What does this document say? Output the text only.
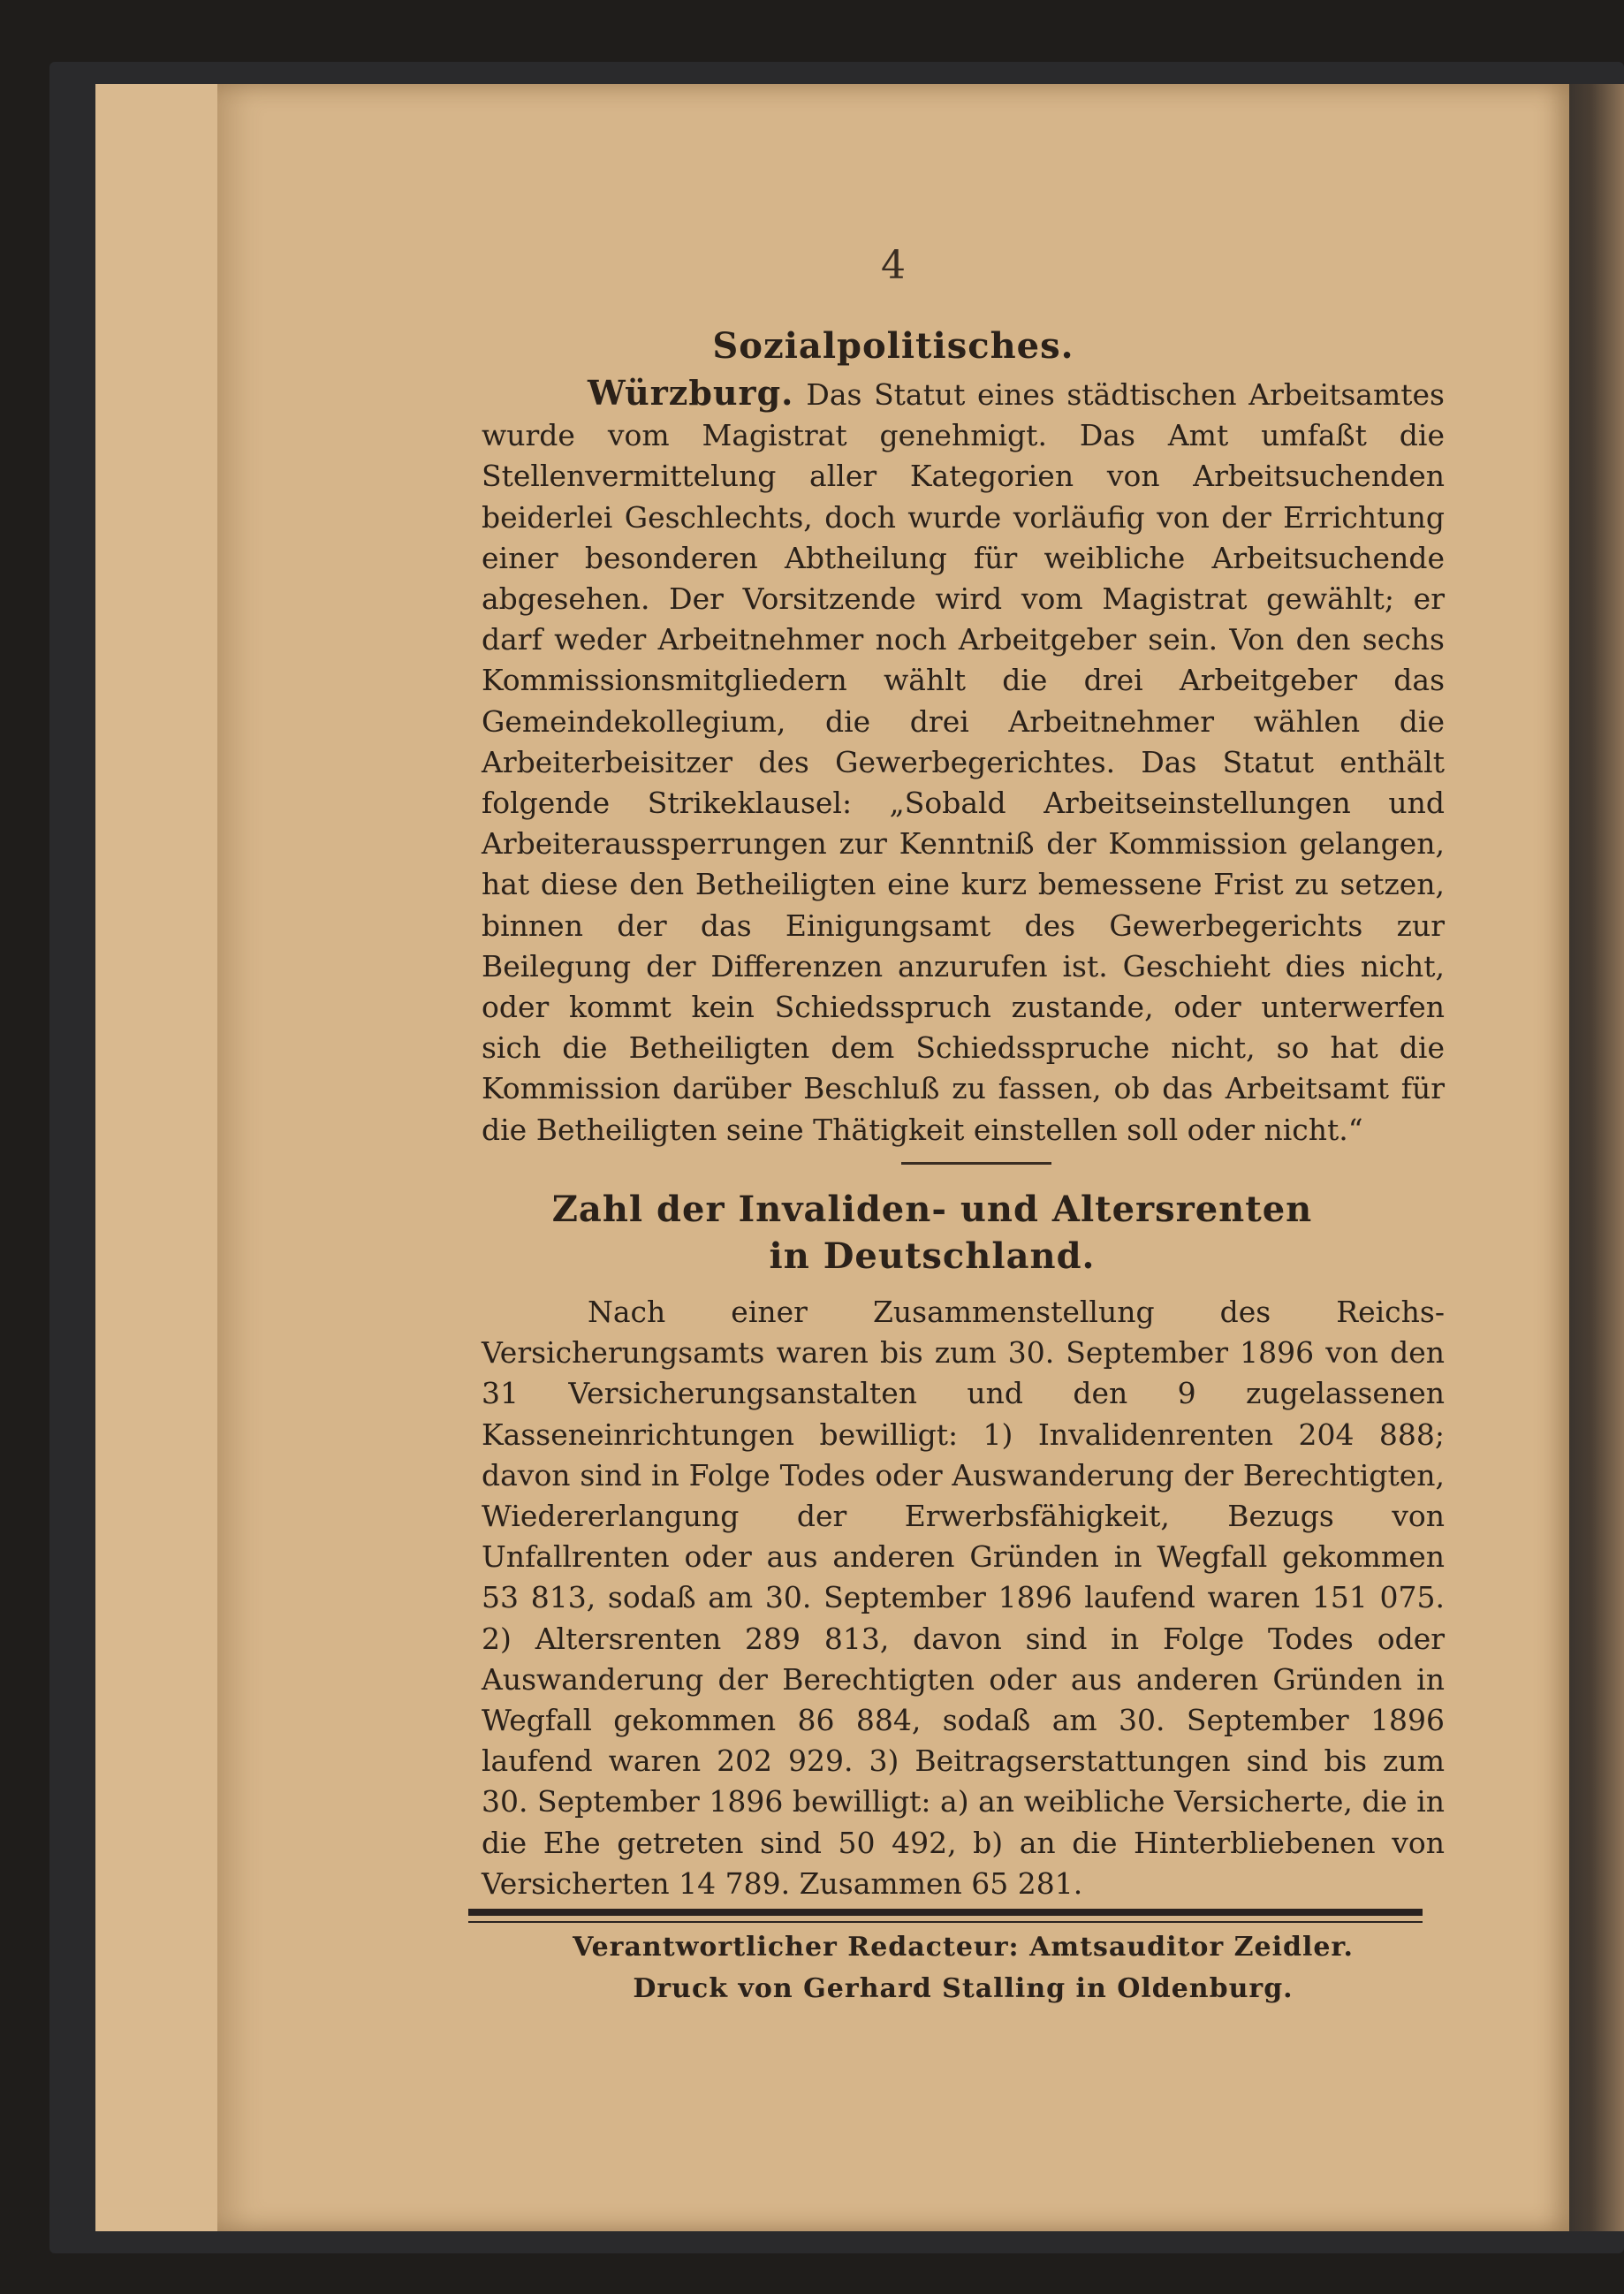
4
Sozialpolitisches.

Würzburg. Das Statut eines städtischen Arbeitsamtes wurde vom Magistrat genehmigt. Das Amt umfaßt die Stellenvermittelung aller Kategorien von Arbeitsuchenden beiderlei Geschlechts, doch wurde vorläufig von der Errichtung einer besonderen Abtheilung für weibliche Arbeitsuchende abgesehen. Der Vorsitzende wird vom Magistrat gewählt; er darf weder Arbeitnehmer noch Arbeitgeber sein. Von den sechs Kommissionsmitgliedern wählt die drei Arbeitgeber das Gemeindekollegium, die drei Arbeitnehmer wählen die Arbeiterbeisitzer des Gewerbegerichtes. Das Statut enthält folgende Strikeklausel: „Sobald Arbeitseinstellungen und Arbeiteraussperrungen zur Kenntniß der Kommission gelangen, hat diese den Betheiligten eine kurz bemessene Frist zu setzen, binnen der das Einigungsamt des Gewerbegerichts zur Beilegung der Differenzen anzurufen ist. Geschieht dies nicht, oder kommt kein Schiedsspruch zustande, oder unterwerfen sich die Betheiligten dem Schiedsspruche nicht, so hat die Kommission darüber Beschluß zu fassen, ob das Arbeitsamt für die Betheiligten seine Thätigkeit einstellen soll oder nicht.“

Zahl der Invaliden- und Altersrenten
in Deutschland.

Nach einer Zusammenstellung des Reichs-Versicherungsamts waren bis zum 30. September 1896 von den 31 Versicherungsanstalten und den 9 zugelassenen Kasseneinrichtungen bewilligt: 1) Invalidenrenten 204 888; davon sind in Folge Todes oder Auswanderung der Berechtigten, Wiedererlangung der Erwerbsfähigkeit, Bezugs von Unfallrenten oder aus anderen Gründen in Wegfall gekommen 53 813, sodaß am 30. September 1896 laufend waren 151 075. 2) Altersrenten 289 813, davon sind in Folge Todes oder Auswanderung der Berechtigten oder aus anderen Gründen in Wegfall gekommen 86 884, sodaß am 30. September 1896 laufend waren 202 929. 3) Beitragserstattungen sind bis zum 30. September 1896 bewilligt: a) an weibliche Versicherte, die in die Ehe getreten sind 50 492, b) an die Hinterbliebenen von Versicherten 14 789. Zusammen 65 281.

Verantwortlicher Redacteur: Amtsauditor Zeidler.
Druck von Gerhard Stalling in Oldenburg.
